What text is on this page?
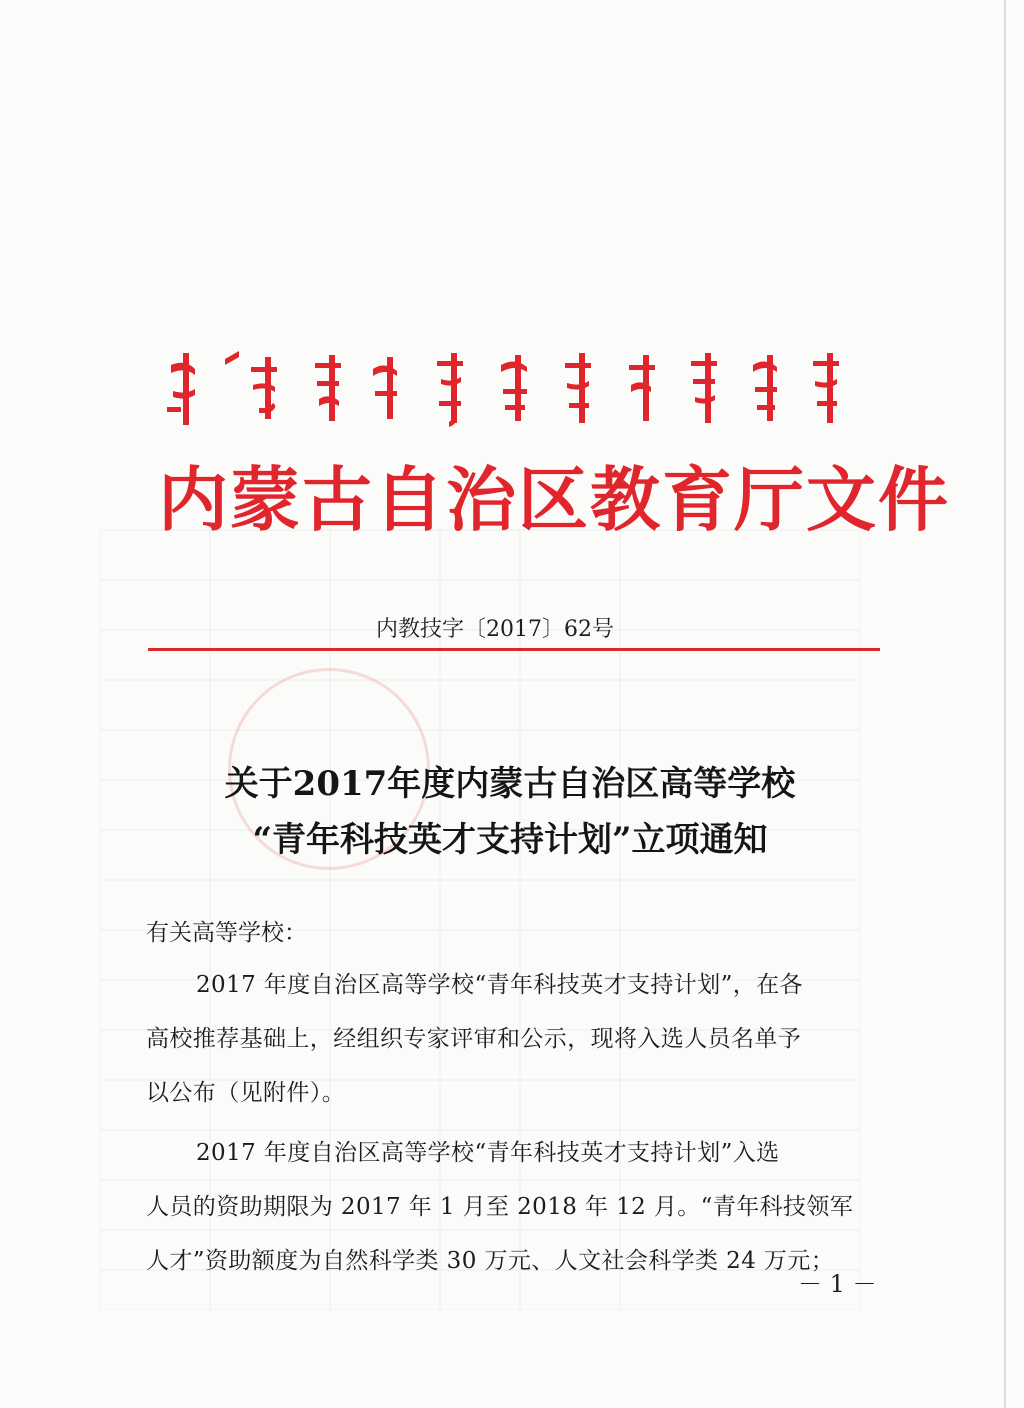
内蒙古自治区教育厅文件
内教技字〔2017〕62号
关于2017年度内蒙古自治区高等学校
“青年科技英才支持计划”立项通知
有关高等学校：
2017 年度自治区高等学校“青年科技英才支持计划”，在各
高校推荐基础上，经组织专家评审和公示，现将入选人员名单予
以公布（见附件）。
2017 年度自治区高等学校“青年科技英才支持计划”入选
人员的资助期限为 2017 年 1 月至 2018 年 12 月。“青年科技领军
人才”资助额度为自然科学类 30 万元、人文社会科学类 24 万元；
－ 1 －
